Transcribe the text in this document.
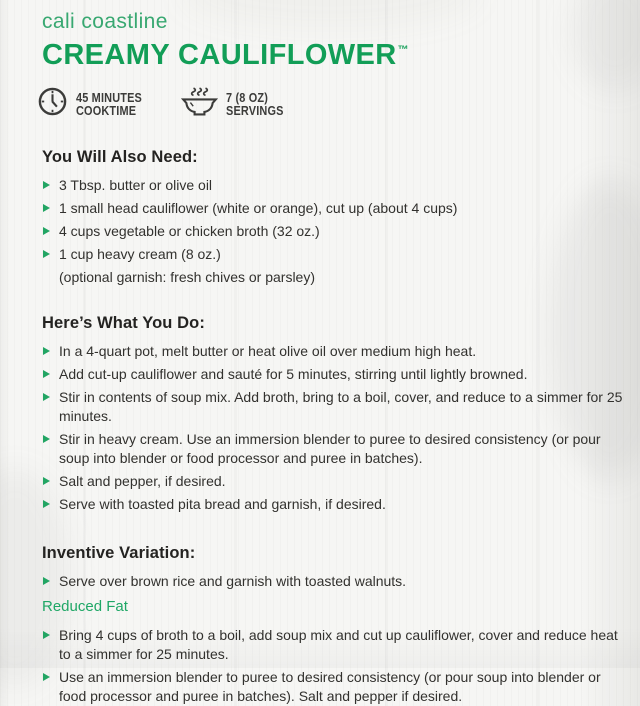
cali coastline
CREAMY CAULIFLOWER™
45 MINUTES
COOKTIME
7 (8 OZ)
SERVINGS
You Will Also Need:
3 Tbsp. butter or olive oil
1 small head cauliflower (white or orange), cut up (about 4 cups)
4 cups vegetable or chicken broth (32 oz.)
1 cup heavy cream (8 oz.)
(optional garnish: fresh chives or parsley)
Here’s What You Do:
In a 4-quart pot, melt butter or heat olive oil over medium high heat.
Add cut-up cauliflower and sauté for 5 minutes, stirring until lightly browned.
Stir in contents of soup mix. Add broth, bring to a boil, cover, and reduce to a simmer for 25 minutes.
Stir in heavy cream. Use an immersion blender to puree to desired consistency (or pour soup into blender or food processor and puree in batches).
Salt and pepper, if desired.
Serve with toasted pita bread and garnish, if desired.
Inventive Variation:
Serve over brown rice and garnish with toasted walnuts.
Reduced Fat
Bring 4 cups of broth to a boil, add soup mix and cut up cauliflower, cover and reduce heat to a simmer for 25 minutes.
Use an immersion blender to puree to desired consistency (or pour soup into blender or food processor and puree in batches). Salt and pepper if desired.
